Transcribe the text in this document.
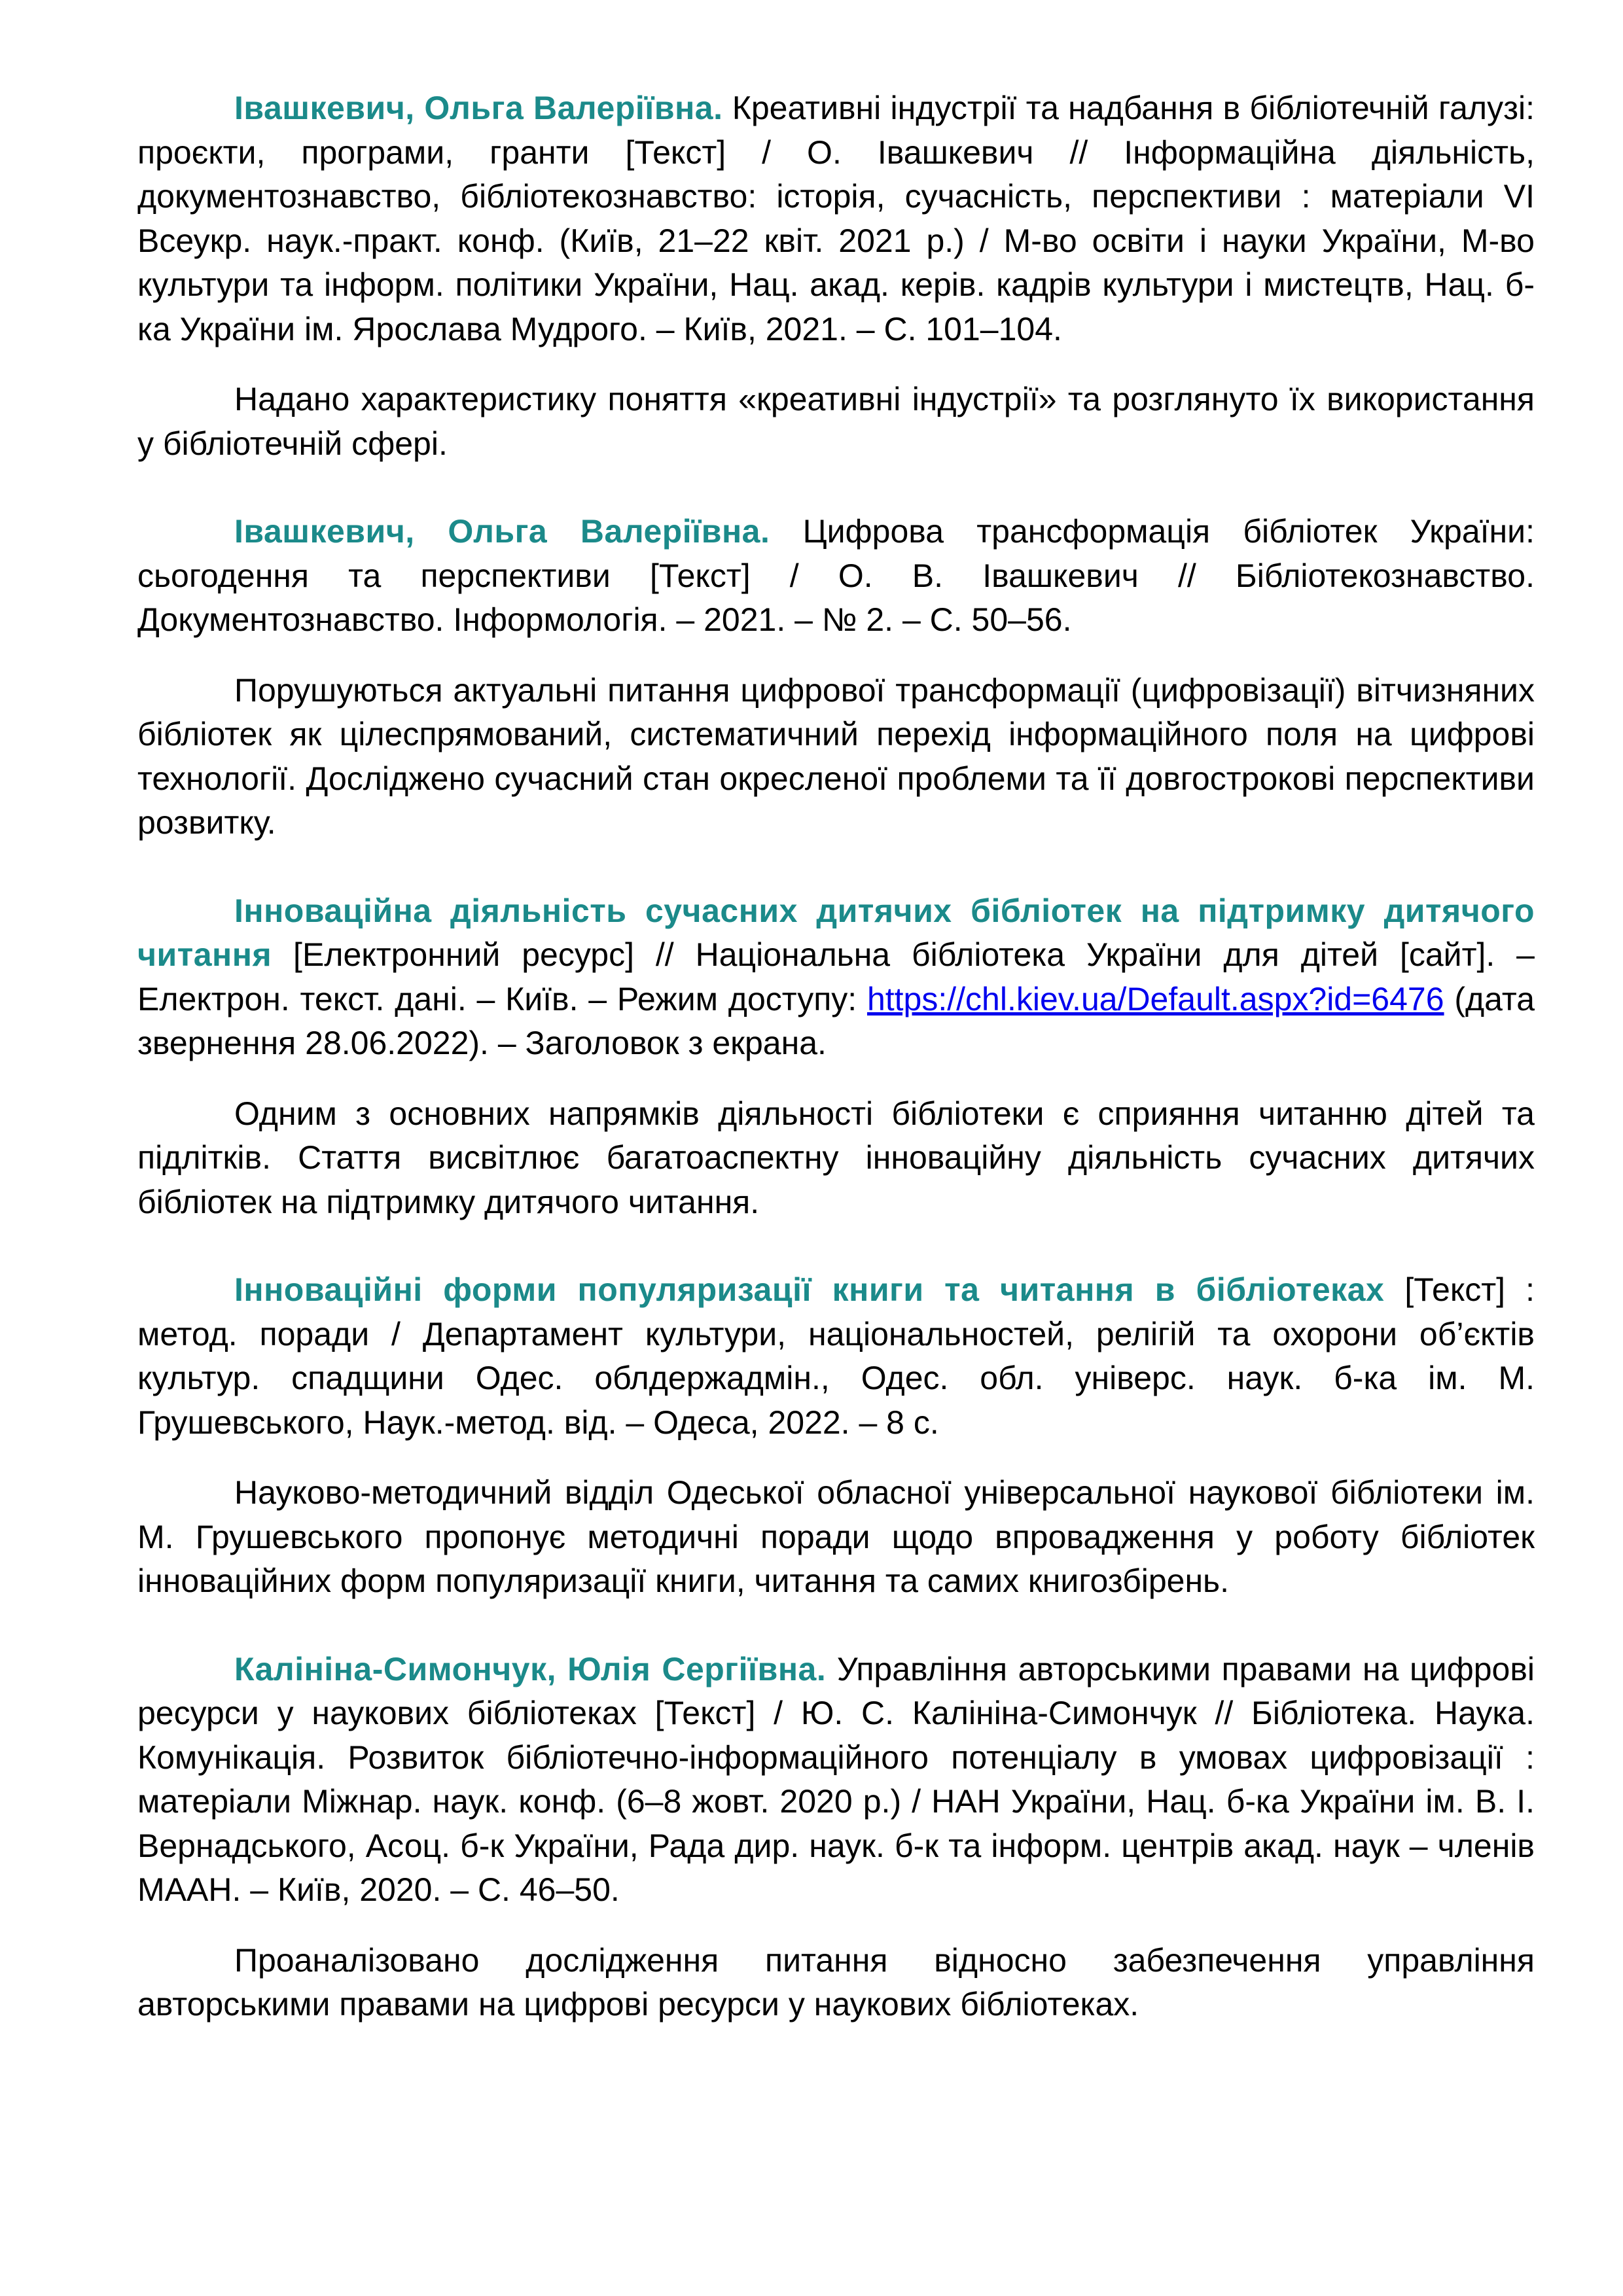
Івашкевич, Ольга Валеріївна. Креативні індустрії та надбання в бібліотечній галузі: проєкти, програми, гранти [Текст] / О. Івашкевич // Інформаційна діяльність, документознавство, бібліотекознавство: історія, сучасність, перспективи : матеріали VI Всеукр. наук.-практ. конф. (Київ, 21–22 квіт. 2021 р.) / М-во освіти і науки України, М-во культури та інформ. політики України, Нац. акад. керів. кадрів культури і мистецтв, Нац. б-ка України ім. Ярослава Мудрого. – Київ, 2021. – С. 101–104.

Надано характеристику поняття «креативні індустрії» та розглянуто їх використання у бібліотечній сфері.

Івашкевич, Ольга Валеріївна. Цифрова трансформація бібліотек України: сьогодення та перспективи [Текст] / О. В. Івашкевич // Бібліотекознавство. Документознавство. Інформологія. – 2021. – № 2. – С. 50–56.

Порушуються актуальні питання цифрової трансформації (цифровізації) вітчизняних бібліотек як цілеспрямований, систематичний перехід інформаційного поля на цифрові технології. Досліджено сучасний стан окресленої проблеми та її довгострокові перспективи розвитку.

Інноваційна діяльність сучасних дитячих бібліотек на підтримку дитячого читання [Електронний ресурс] // Національна бібліотека України для дітей [сайт]. – Електрон. текст. дані. – Київ. – Режим доступу: https://chl.kiev.ua/Default.aspx?id=6476 (дата звернення 28.06.2022). – Заголовок з екрана.

Одним з основних напрямків діяльності бібліотеки є сприяння читанню дітей та підлітків. Стаття висвітлює багатоаспектну інноваційну діяльність сучасних дитячих бібліотек на підтримку дитячого читання.

Інноваційні форми популяризації книги та читання в бібліотеках [Текст] : метод. поради / Департамент культури, національностей, релігій та охорони об’єктів культур. спадщини Одес. облдержадмін., Одес. обл. універс. наук. б-ка ім. М. Грушевського, Наук.-метод. від. – Одеса, 2022. – 8 с.

Науково-методичний відділ Одеської обласної універсальної наукової бібліотеки ім. М. Грушевського пропонує методичні поради щодо впровадження у роботу бібліотек інноваційних форм популяризації книги, читання та самих книгозбірень.

Калініна-Симончук, Юлія Сергіївна. Управління авторськими правами на цифрові ресурси у наукових бібліотеках [Текст] / Ю. С. Калініна-Симончук // Бібліотека. Наука. Комунікація. Розвиток бібліотечно-інформаційного потенціалу в умовах цифровізації : матеріали Міжнар. наук. конф. (6–8 жовт. 2020 р.) / НАН України, Нац. б-ка України ім. В. І. Вернадського, Асоц. б-к України, Рада дир. наук. б-к та інформ. центрів акад. наук – членів МААН. – Київ, 2020. – С. 46–50.

Проаналізовано дослідження питання відносно забезпечення управління авторськими правами на цифрові ресурси у наукових бібліотеках.
